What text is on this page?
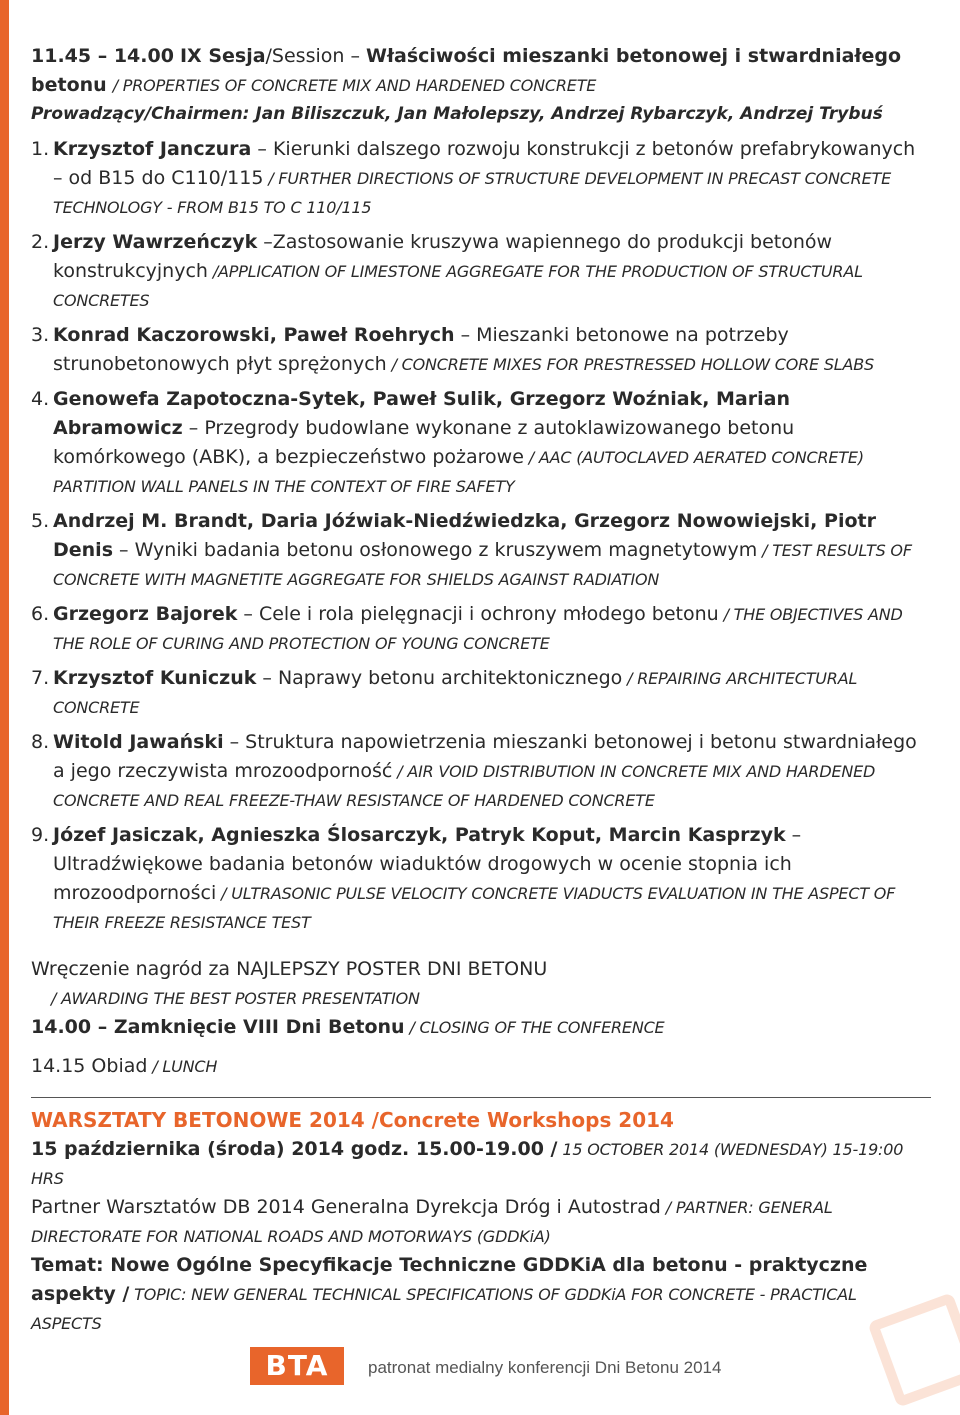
11.45 – 14.00 IX Sesja/Session – Właściwości mieszanki betonowej i stwardniałego betonu / PROPERTIES OF CONCRETE MIX AND HARDENED CONCRETE
Prowadzący/Chairmen: Jan Biliszczuk, Jan Małolepszy, Andrzej Rybarczyk, Andrzej Trybuś
1. Krzysztof Janczura – Kierunki dalszego rozwoju konstrukcji z betonów prefabrykowanych – od B15 do C110/115 / FURTHER DIRECTIONS OF STRUCTURE DEVELOPMENT IN PRECAST CONCRETE TECHNOLOGY - FROM B15 TO C 110/115
2. Jerzy Wawrzeńczyk –Zastosowanie kruszywa wapiennego do produkcji betonów konstrukcyjnych /APPLICATION OF LIMESTONE AGGREGATE FOR THE PRODUCTION OF STRUCTURAL CONCRETES
3. Konrad Kaczorowski, Paweł Roehrych – Mieszanki betonowe na potrzeby strunobetonowych płyt sprężonych / CONCRETE MIXES FOR PRESTRESSED HOLLOW CORE SLABS
4. Genowefa Zapotoczna-Sytek, Paweł Sulik, Grzegorz Woźniak, Marian Abramowicz – Przegrody budowlane wykonane z autoklawizowanego betonu komórkowego (ABK), a bezpieczeństwo pożarowe / AAC (AUTOCLAVED AERATED CONCRETE) PARTITION WALL PANELS IN THE CONTEXT OF FIRE SAFETY
5. Andrzej M. Brandt, Daria Jóźwiak-Niedźwiedzka, Grzegorz Nowowiejski, Piotr Denis – Wyniki badania betonu osłonowego z kruszywem magnetytowym / TEST RESULTS OF CONCRETE WITH MAGNETITE AGGREGATE FOR SHIELDS AGAINST RADIATION
6. Grzegorz Bajorek – Cele i rola pielęgnacji i ochrony młodego betonu / THE OBJECTIVES AND THE ROLE OF CURING AND PROTECTION OF YOUNG CONCRETE
7. Krzysztof Kuniczuk – Naprawy betonu architektonicznego / REPAIRING ARCHITECTURAL CONCRETE
8. Witold Jawański – Struktura napowietrzenia mieszanki betonowej i betonu stwardniałego a jego rzeczywista mrozoodporność / AIR VOID DISTRIBUTION IN CONCRETE MIX AND HARDENED CONCRETE AND REAL FREEZE-THAW RESISTANCE OF HARDENED CONCRETE
9. Józef Jasiczak, Agnieszka Ślosarczyk, Patryk Koput, Marcin Kasprzyk – Ultradźwiękowe badania betonów wiaduktów drogowych w ocenie stopnia ich mrozoodporności / ULTRASONIC PULSE VELOCITY CONCRETE VIADUCTS EVALUATION IN THE ASPECT OF THEIR FREEZE RESISTANCE TEST
Wręczenie nagród za NAJLEPSZY POSTER DNI BETONU
/ AWARDING THE BEST POSTER PRESENTATION
14.00 – Zamknięcie VIII Dni Betonu / CLOSING OF THE CONFERENCE
14.15 Obiad / LUNCH
WARSZTATY BETONOWE 2014 /Concrete Workshops 2014
15 października (środa) 2014 godz. 15.00-19.00 / 15 OCTOBER 2014 (WEDNESDAY) 15-19:00 HRS
Partner Warsztatów DB 2014 Generalna Dyrekcja Dróg i Autostrad / PARTNER: GENERAL DIRECTORATE FOR NATIONAL ROADS AND MOTORWAYS (GDDKiA)
Temat: Nowe Ogólne Specyfikacje Techniczne GDDKiA dla betonu - praktyczne aspekty / TOPIC: NEW GENERAL TECHNICAL SPECIFICATIONS OF GDDKiA FOR CONCRETE - PRACTICAL ASPECTS
BTA	patronat medialny konferencji Dni Betonu 2014
